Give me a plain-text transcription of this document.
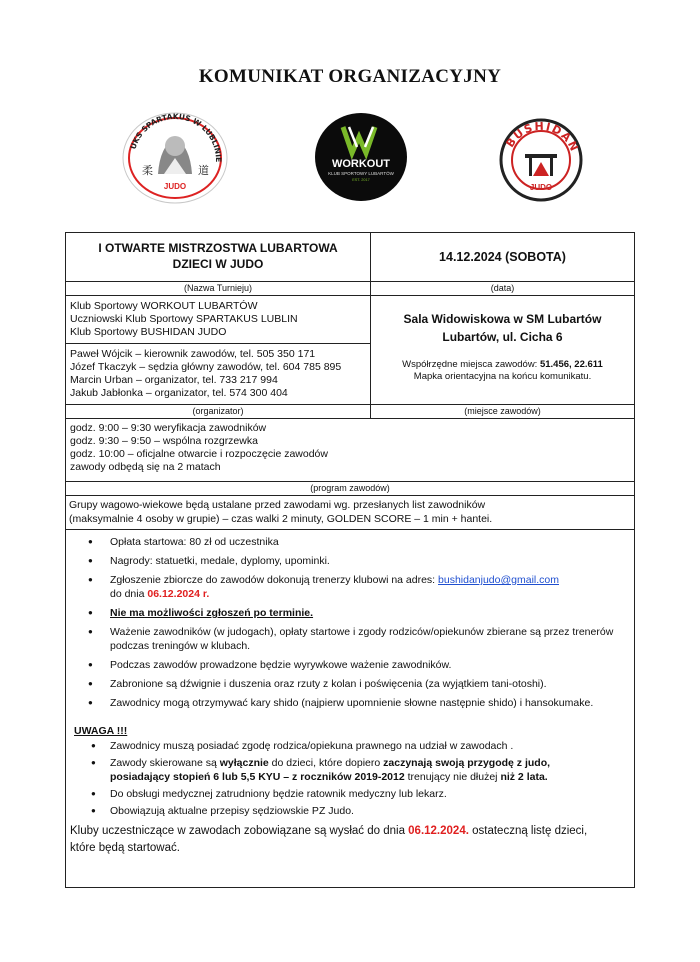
KOMUNIKAT ORGANIZACYJNY
UKS SPARTAKUS W LUBLINIE
柔	道
JUDO
WORKOUT
KLUB SPORTOWY LUBARTÓW
EST. 2017
BUSHIDAN
JUDO
I OTWARTE MISTRZOSTWA LUBARTOWA
DZIECI W JUDO
(Nazwa Turnieju)
14.12.2024 (SOBOTA)
(data)
Klub Sportowy WORKOUT LUBARTÓW
Uczniowski Klub Sportowy SPARTAKUS LUBLIN
Klub Sportowy BUSHIDAN JUDO
Paweł Wójcik – kierownik zawodów, tel. 505 350 171
Józef Tkaczyk – sędzia główny zawodów, tel. 604 785 895
Marcin Urban – organizator, tel. 733 217 994
Jakub Jabłonka – organizator, tel. 574 300 404
(organizator)
Sala Widowiskowa w SM Lubartów
Lubartów, ul. Cicha 6
Współrzędne miejsca zawodów: 51.456, 22.611
Mapka orientacyjna na końcu komunikatu.
(miejsce zawodów)
godz. 9:00 – 9:30 weryfikacja zawodników
godz. 9:30 – 9:50 – wspólna rozgrzewka
godz. 10:00 – oficjalne otwarcie i rozpoczęcie zawodów
zawody odbędą się na 2 matach
(program zawodów)
Grupy wagowo-wiekowe będą ustalane przed zawodami wg. przesłanych list zawodników
(maksymalnie 4 osoby w grupie) – czas walki 2 minuty, GOLDEN SCORE – 1 min + hantei.
● Opłata startowa: 80 zł od uczestnika
● Nagrody: statuetki, medale, dyplomy, upominki.
● Zgłoszenie zbiorcze do zawodów dokonują trenerzy klubowi na adres: bushidanjudo@gmail.com
do dnia 06.12.2024 r.
● Nie ma możliwości zgłoszeń po terminie.
● Ważenie zawodników (w judogach), opłaty startowe i zgody rodziców/opiekunów zbierane są przez trenerów podczas treningów w klubach.
● Podczas zawodów prowadzone będzie wyrywkowe ważenie zawodników.
● Zabronione są dźwignie i duszenia oraz rzuty z kolan i poświęcenia (za wyjątkiem tani-otoshi).
● Zawodnicy mogą otrzymywać kary shido (najpierw upomnienie słowne następnie shido) i hansokumake.
UWAGA !!!
● Zawodnicy muszą posiadać zgodę rodzica/opiekuna prawnego na udział w zawodach .
● Zawody skierowane są wyłącznie do dzieci, które dopiero zaczynają swoją przygodę z judo,
posiadający stopień 6 lub 5,5 KYU – z roczników 2019-2012 trenujący nie dłużej niż 2 lata.
● Do obsługi medycznej zatrudniony będzie ratownik medyczny lub lekarz.
● Obowiązują aktualne przepisy sędziowskie PZ Judo.
Kluby uczestniczące w zawodach zobowiązane są wysłać do dnia 06.12.2024. ostateczną listę dzieci,
które będą startować.
